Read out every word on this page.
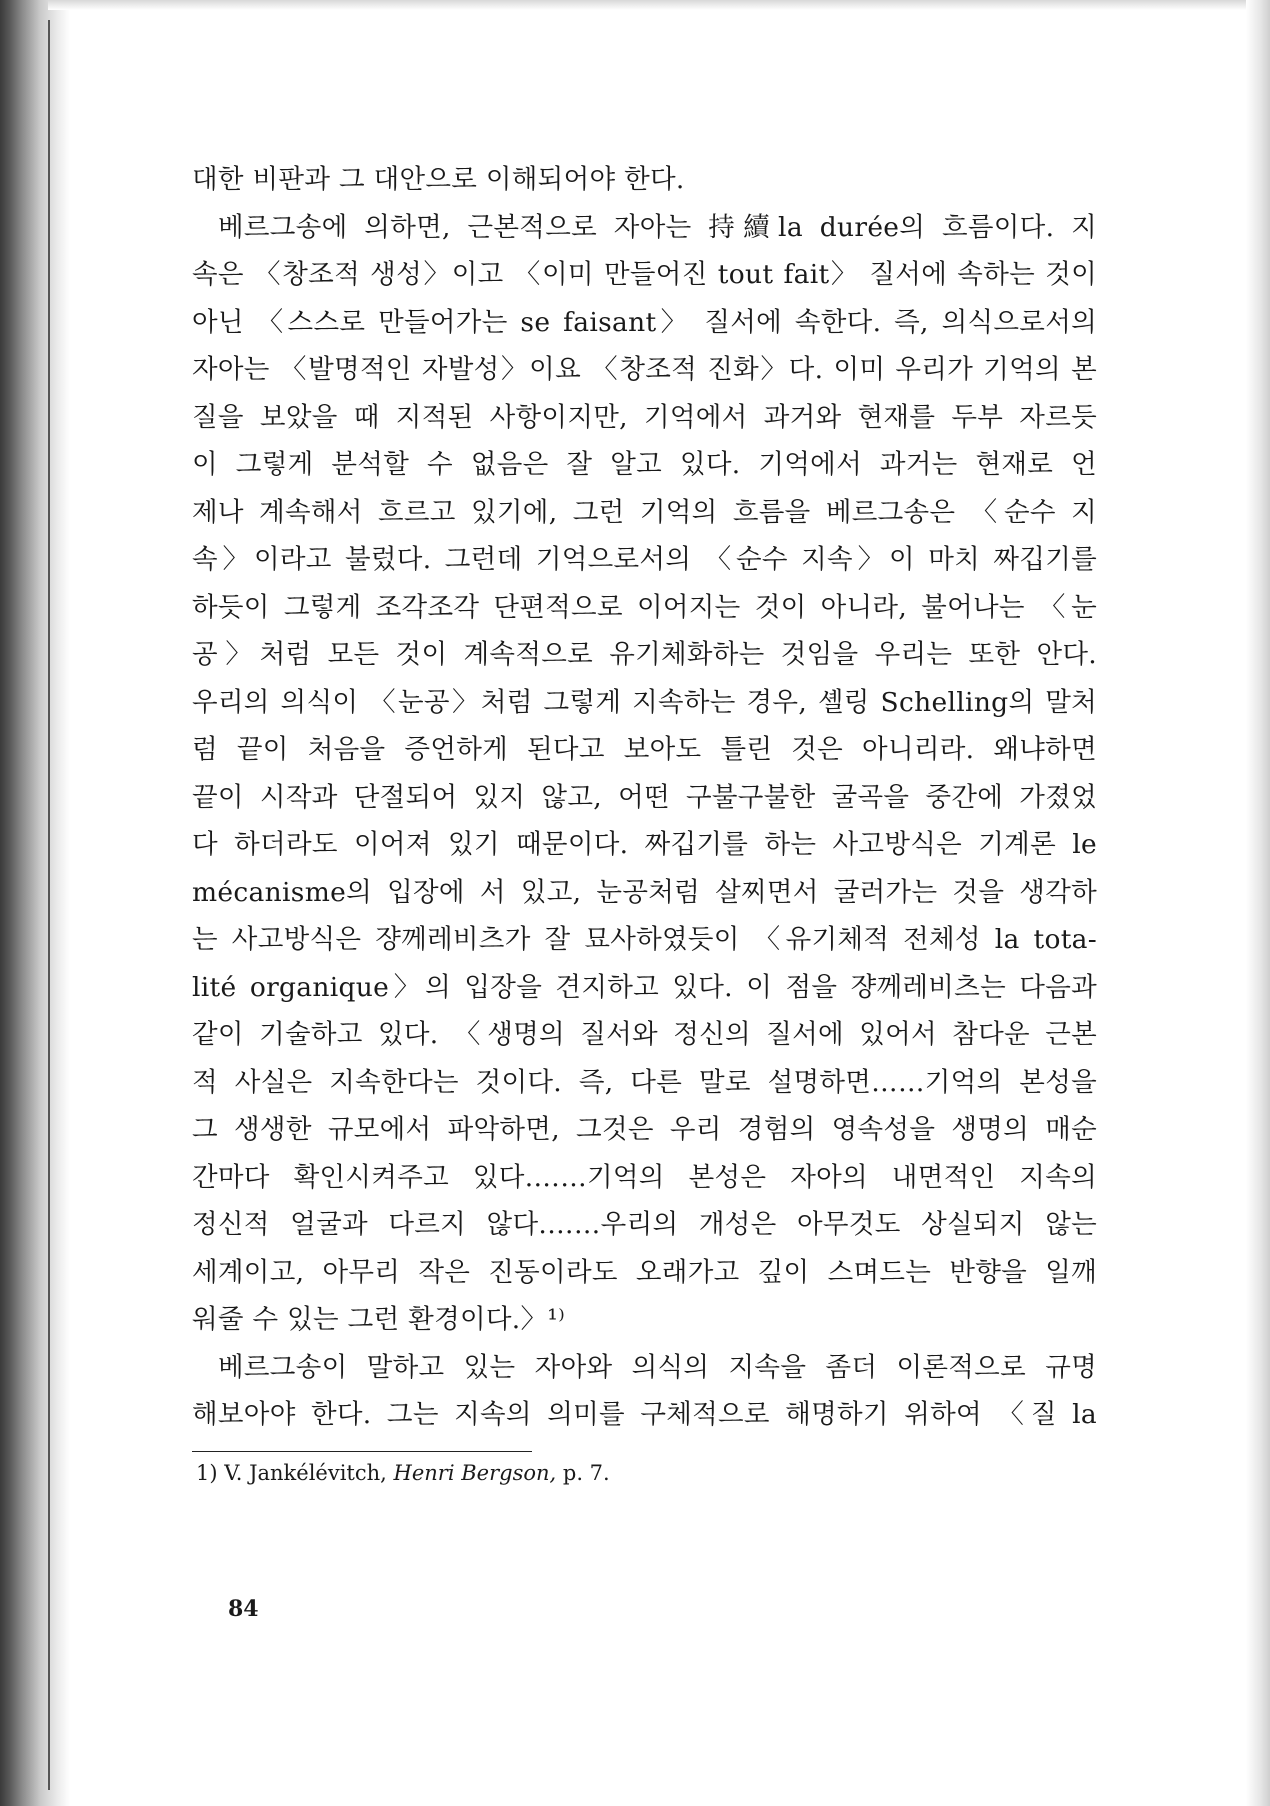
대한 비판과 그 대안으로 이해되어야 한다.
베르그송에 의하면, 근본적으로 자아는 持續la durée의 흐름이다. 지
속은 〈창조적 생성〉이고 〈이미 만들어진 tout fait〉 질서에 속하는 것이
아닌 〈스스로 만들어가는 se faisant〉 질서에 속한다. 즉, 의식으로서의
자아는 〈발명적인 자발성〉이요 〈창조적 진화〉다. 이미 우리가 기억의 본
질을 보았을 때 지적된 사항이지만, 기억에서 과거와 현재를 두부 자르듯
이 그렇게 분석할 수 없음은 잘 알고 있다. 기억에서 과거는 현재로 언
제나 계속해서 흐르고 있기에, 그런 기억의 흐름을 베르그송은 〈순수 지
속〉이라고 불렀다. 그런데 기억으로서의 〈순수 지속〉이 마치 짜깁기를
하듯이 그렇게 조각조각 단편적으로 이어지는 것이 아니라, 불어나는 〈눈
공〉처럼 모든 것이 계속적으로 유기체화하는 것임을 우리는 또한 안다.
우리의 의식이 〈눈공〉처럼 그렇게 지속하는 경우, 셸링 Schelling의 말처
럼 끝이 처음을 증언하게 된다고 보아도 틀린 것은 아니리라. 왜냐하면
끝이 시작과 단절되어 있지 않고, 어떤 구불구불한 굴곡을 중간에 가졌었
다 하더라도 이어져 있기 때문이다. 짜깁기를 하는 사고방식은 기계론 le
mécanisme의 입장에 서 있고, 눈공처럼 살찌면서 굴러가는 것을 생각하
는 사고방식은 쟝께레비츠가 잘 묘사하였듯이 〈유기체적 전체성 la tota-
lité organique〉의 입장을 견지하고 있다. 이 점을 쟝께레비츠는 다음과
같이 기술하고 있다. 〈생명의 질서와 정신의 질서에 있어서 참다운 근본
적 사실은 지속한다는 것이다. 즉, 다른 말로 설명하면……기억의 본성을
그 생생한 규모에서 파악하면, 그것은 우리 경험의 영속성을 생명의 매순
간마다 확인시켜주고 있다.……기억의 본성은 자아의 내면적인 지속의
정신적 얼굴과 다르지 않다.……우리의 개성은 아무것도 상실되지 않는
세계이고, 아무리 작은 진동이라도 오래가고 깊이 스며드는 반향을 일깨
워줄 수 있는 그런 환경이다.〉¹⁾
베르그송이 말하고 있는 자아와 의식의 지속을 좀더 이론적으로 규명
해보아야 한다. 그는 지속의 의미를 구체적으로 해명하기 위하여 〈질 la
1) V. Jankélévitch, Henri Bergson, p. 7.
84
